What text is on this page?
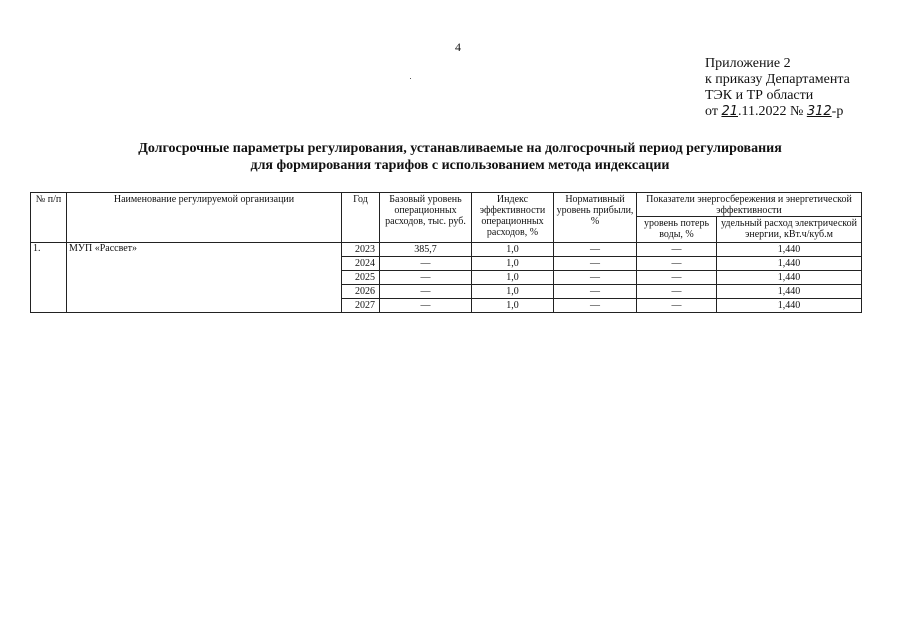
4
Приложение 2
к приказу Департамента
ТЭК и ТР области
от 21.11.2022 № 312-р
Долгосрочные параметры регулирования, устанавливаемые на долгосрочный период регулирования
для формирования тарифов с использованием метода индексации
№ п/п	Наименование регулируемой организации	Год	Базовый уровень операционных расходов, тыс. руб.	Индекс эффективности операционных расходов, %	Нормативный уровень прибыли, %	Показатели энергосбережения и энергетической эффективности	
						уровень потерь воды, %	удельный расход электрической энергии, кВт.ч/куб.м
1.	МУП «Рассвет»	2023	385,7	1,0	—	—	1,440
		2024	—	1,0	—	—	1,440
		2025	—	1,0	—	—	1,440
		2026	—	1,0	—	—	1,440
		2027	—	1,0	—	—	1,440
